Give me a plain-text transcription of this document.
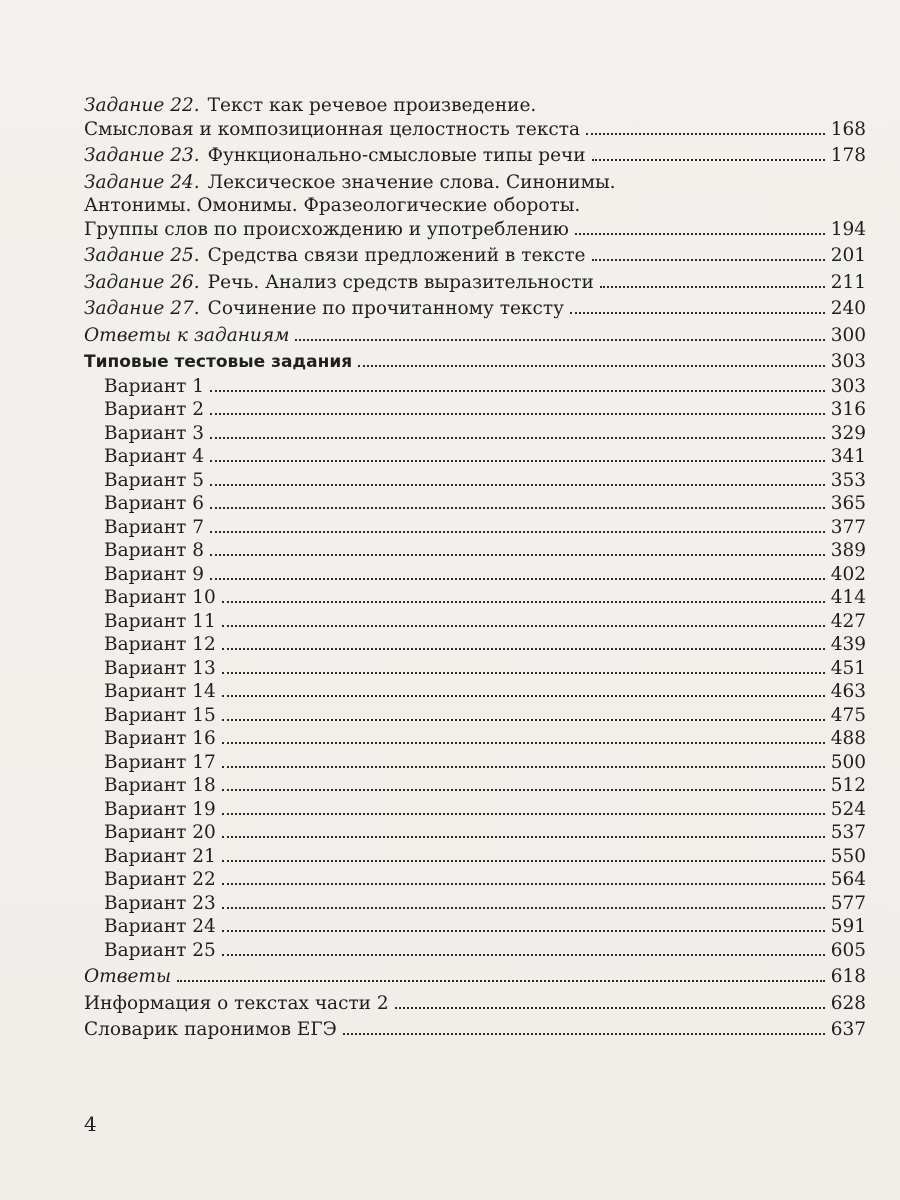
Задание 22. Текст как речевое произведение.
Смысловая и композиционная целостность текста	168
Задание 23. Функционально-смысловые типы речи	178
Задание 24. Лексическое значение слова. Синонимы.
Антонимы. Омонимы. Фразеологические обороты.
Группы слов по происхождению и употреблению	194
Задание 25. Средства связи предложений в тексте	201
Задание 26. Речь. Анализ средств выразительности	211
Задание 27. Сочинение по прочитанному тексту	240
Ответы к заданиям	300
Типовые тестовые задания	303
Вариант 1	303
Вариант 2	316
Вариант 3	329
Вариант 4	341
Вариант 5	353
Вариант 6	365
Вариант 7	377
Вариант 8	389
Вариант 9	402
Вариант 10	414
Вариант 11	427
Вариант 12	439
Вариант 13	451
Вариант 14	463
Вариант 15	475
Вариант 16	488
Вариант 17	500
Вариант 18	512
Вариант 19	524
Вариант 20	537
Вариант 21	550
Вариант 22	564
Вариант 23	577
Вариант 24	591
Вариант 25	605
Ответы	618
Информация о текстах части 2	628
Словарик паронимов ЕГЭ	637
4
